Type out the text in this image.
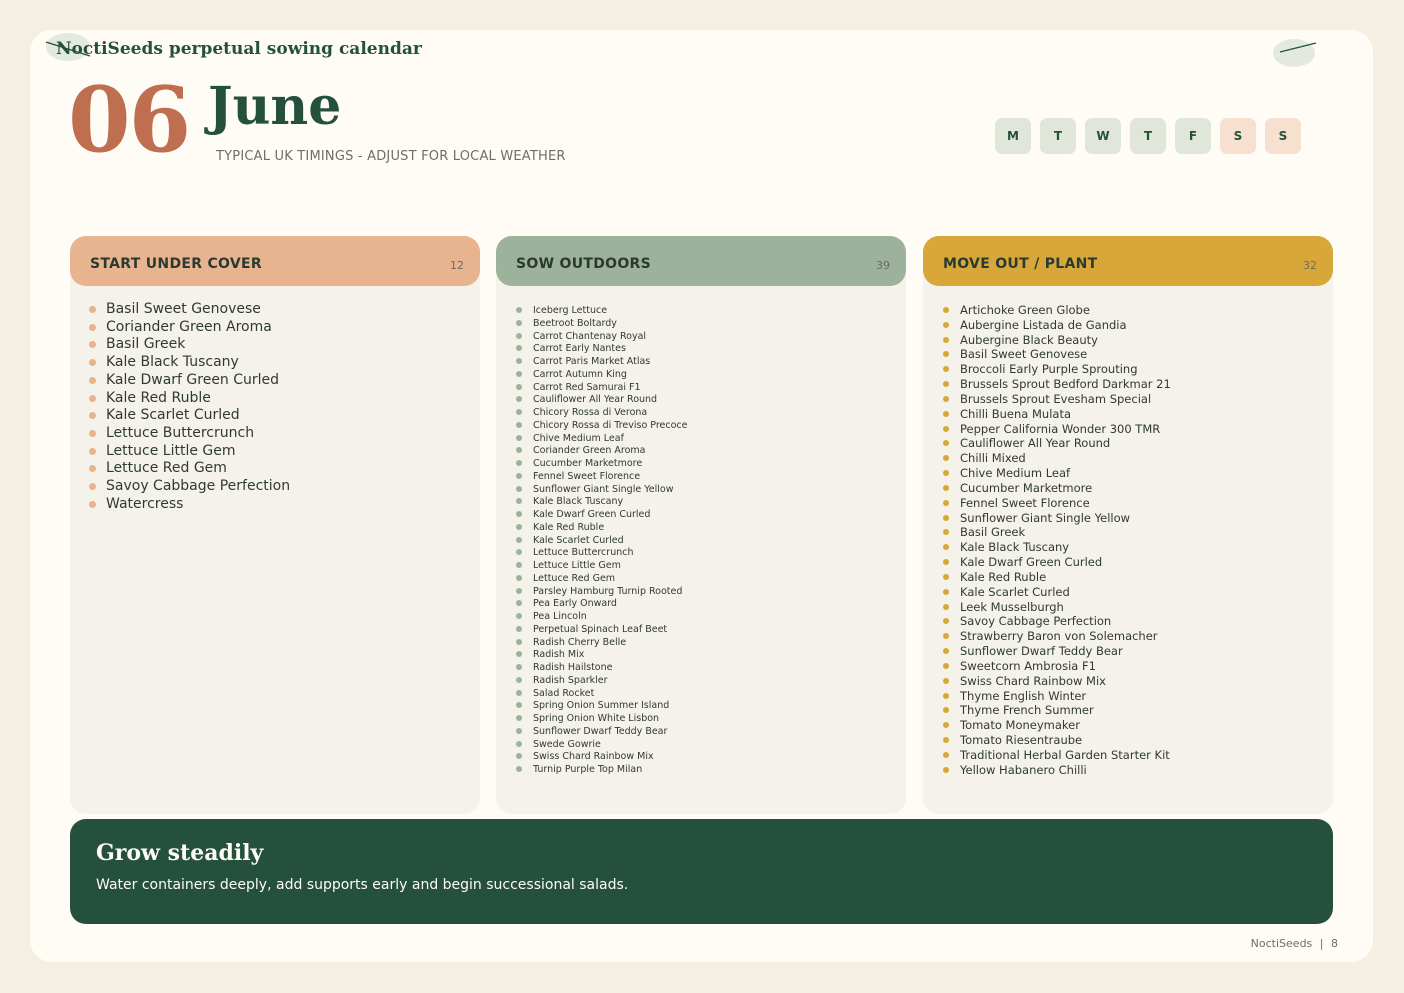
NoctiSeeds perpetual sowing calendar
06 June
TYPICAL UK TIMINGS - ADJUST FOR LOCAL WEATHER
M	T	W	T	F	S	S
START UNDER COVER	12
Basil Sweet Genovese
Coriander Green Aroma
Basil Greek
Kale Black Tuscany
Kale Dwarf Green Curled
Kale Red Ruble
Kale Scarlet Curled
Lettuce Buttercrunch
Lettuce Little Gem
Lettuce Red Gem
Savoy Cabbage Perfection
Watercress
SOW OUTDOORS	39
Iceberg Lettuce
Beetroot Boltardy
Carrot Chantenay Royal
Carrot Early Nantes
Carrot Paris Market Atlas
Carrot Autumn King
Carrot Red Samurai F1
Cauliflower All Year Round
Chicory Rossa di Verona
Chicory Rossa di Treviso Precoce
Chive Medium Leaf
Coriander Green Aroma
Cucumber Marketmore
Fennel Sweet Florence
Sunflower Giant Single Yellow
Kale Black Tuscany
Kale Dwarf Green Curled
Kale Red Ruble
Kale Scarlet Curled
Lettuce Buttercrunch
Lettuce Little Gem
Lettuce Red Gem
Parsley Hamburg Turnip Rooted
Pea Early Onward
Pea Lincoln
Perpetual Spinach Leaf Beet
Radish Cherry Belle
Radish Mix
Radish Hailstone
Radish Sparkler
Salad Rocket
Spring Onion Summer Island
Spring Onion White Lisbon
Sunflower Dwarf Teddy Bear
Swede Gowrie
Swiss Chard Rainbow Mix
Turnip Purple Top Milan
MOVE OUT / PLANT	32
Artichoke Green Globe
Aubergine Listada de Gandia
Aubergine Black Beauty
Basil Sweet Genovese
Broccoli Early Purple Sprouting
Brussels Sprout Bedford Darkmar 21
Brussels Sprout Evesham Special
Chilli Buena Mulata
Pepper California Wonder 300 TMR
Cauliflower All Year Round
Chilli Mixed
Chive Medium Leaf
Cucumber Marketmore
Fennel Sweet Florence
Sunflower Giant Single Yellow
Basil Greek
Kale Black Tuscany
Kale Dwarf Green Curled
Kale Red Ruble
Kale Scarlet Curled
Leek Musselburgh
Savoy Cabbage Perfection
Strawberry Baron von Solemacher
Sunflower Dwarf Teddy Bear
Sweetcorn Ambrosia F1
Swiss Chard Rainbow Mix
Thyme English Winter
Thyme French Summer
Tomato Moneymaker
Tomato Riesentraube
Traditional Herbal Garden Starter Kit
Yellow Habanero Chilli
Grow steadily
Water containers deeply, add supports early and begin successional salads.
NoctiSeeds | 8
